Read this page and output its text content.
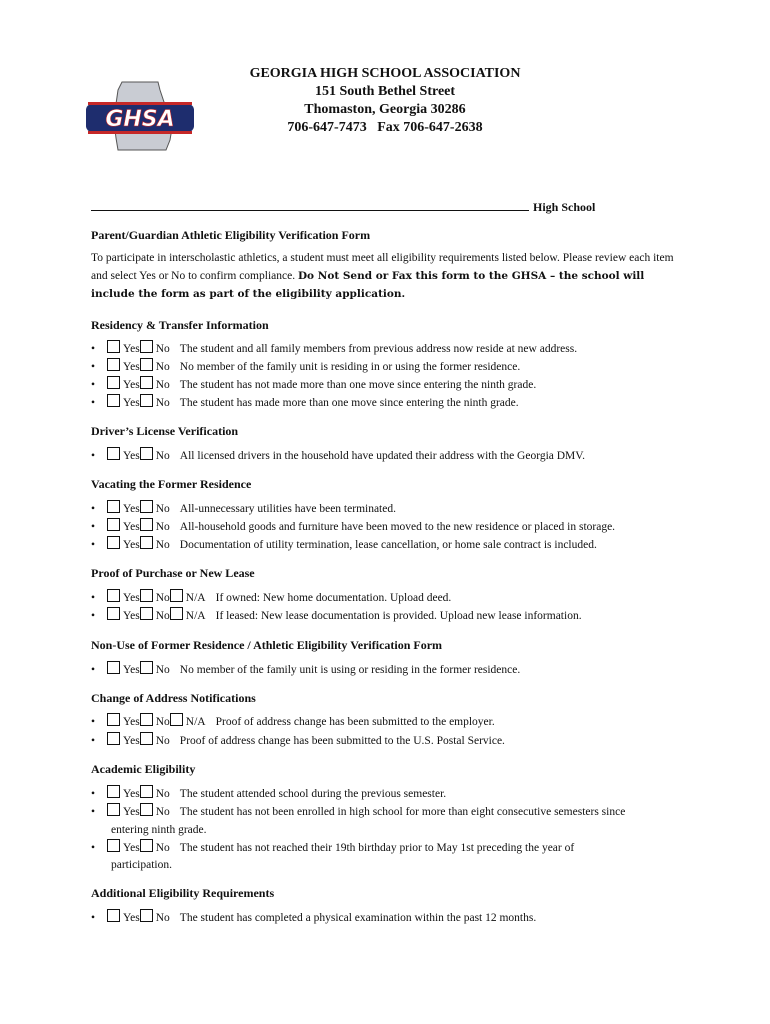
GHSA
GEORGIA HIGH SCHOOL ASSOCIATION
151 South Bethel Street
Thomaston, Georgia 30286
706-647-7473   Fax 706-647-2638
High School
Parent/Guardian Athletic Eligibility Verification Form
To participate in interscholastic athletics, a student must meet all eligibility requirements listed below. Please review each item and select Yes or No to confirm compliance. Do Not Send or Fax this form to the GHSA – the school will include the form as part of the eligibility application.
Residency & Transfer Information
• Yes No The student and all family members from previous address now reside at new address.
• Yes No No member of the family unit is residing in or using the former residence.
• Yes No The student has not made more than one move since entering the ninth grade.
• Yes No The student has made more than one move since entering the ninth grade.
Driver’s License Verification
• Yes No All licensed drivers in the household have updated their address with the Georgia DMV.
Vacating the Former Residence
• Yes No All-unnecessary utilities have been terminated.
• Yes No All-household goods and furniture have been moved to the new residence or placed in storage.
• Yes No Documentation of utility termination, lease cancellation, or home sale contract is included.
Proof of Purchase or New Lease
• Yes No N/A If owned: New home documentation. Upload deed.
• Yes No N/A If leased: New lease documentation is provided. Upload new lease information.
Non-Use of Former Residence / Athletic Eligibility Verification Form
• Yes No No member of the family unit is using or residing in the former residence.
Change of Address Notifications
• Yes No N/A Proof of address change has been submitted to the employer.
• Yes No Proof of address change has been submitted to the U.S. Postal Service.
Academic Eligibility
• Yes No The student attended school during the previous semester.
• Yes No The student has not been enrolled in high school for more than eight consecutive semesters since
• Yes No The student has not reached their 19th birthday prior to May 1st preceding the year of
entering ninth grade.
participation.
Additional Eligibility Requirements
• Yes No The student has completed a physical examination within the past 12 months.
